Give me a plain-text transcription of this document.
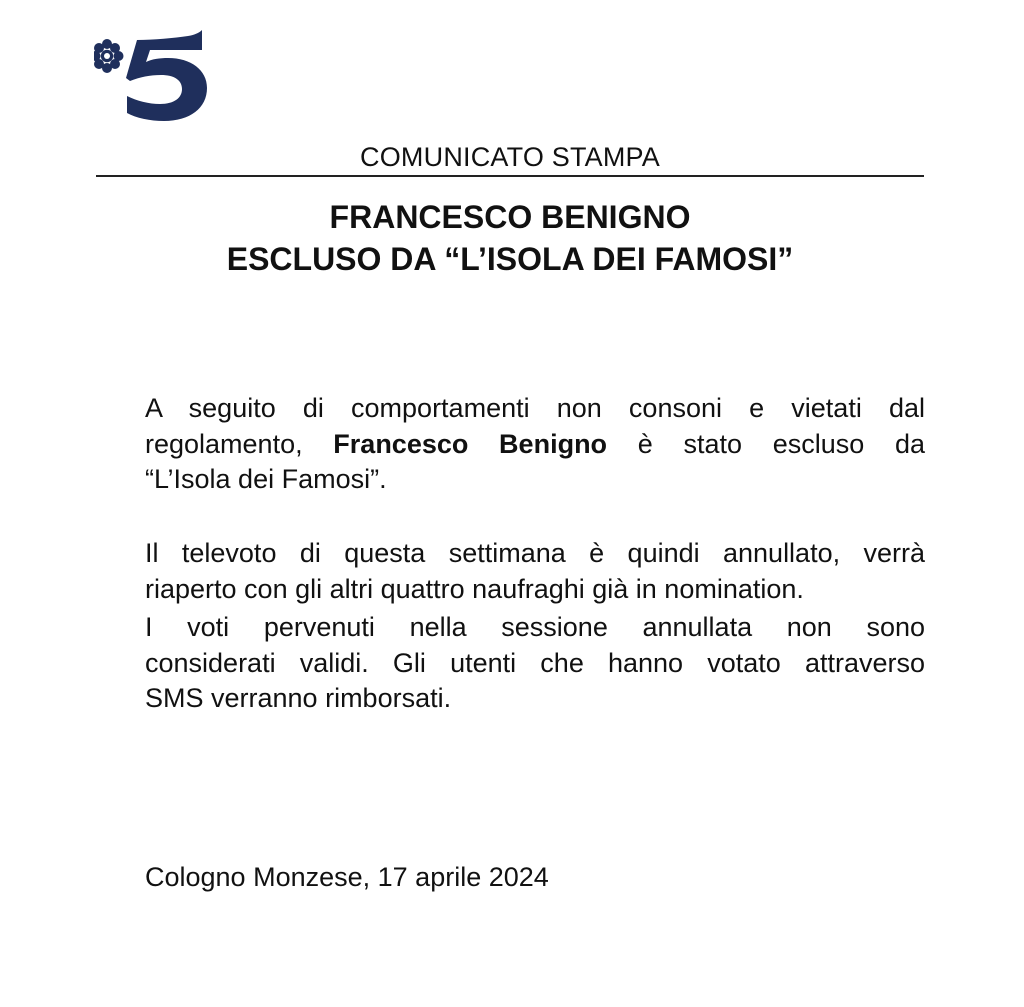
COMUNICATO STAMPA
FRANCESCO BENIGNO
ESCLUSO DA “L’ISOLA DEI FAMOSI”
A seguito di comportamenti non consoni e vietati dal
regolamento, Francesco Benigno è stato escluso da
“L’Isola dei Famosi”.
Il televoto di questa settimana è quindi annullato, verrà
riaperto con gli altri quattro naufraghi già in nomination.
I voti pervenuti nella sessione annullata non sono
considerati validi. Gli utenti che hanno votato attraverso
SMS verranno rimborsati.
Cologno Monzese, 17 aprile 2024
